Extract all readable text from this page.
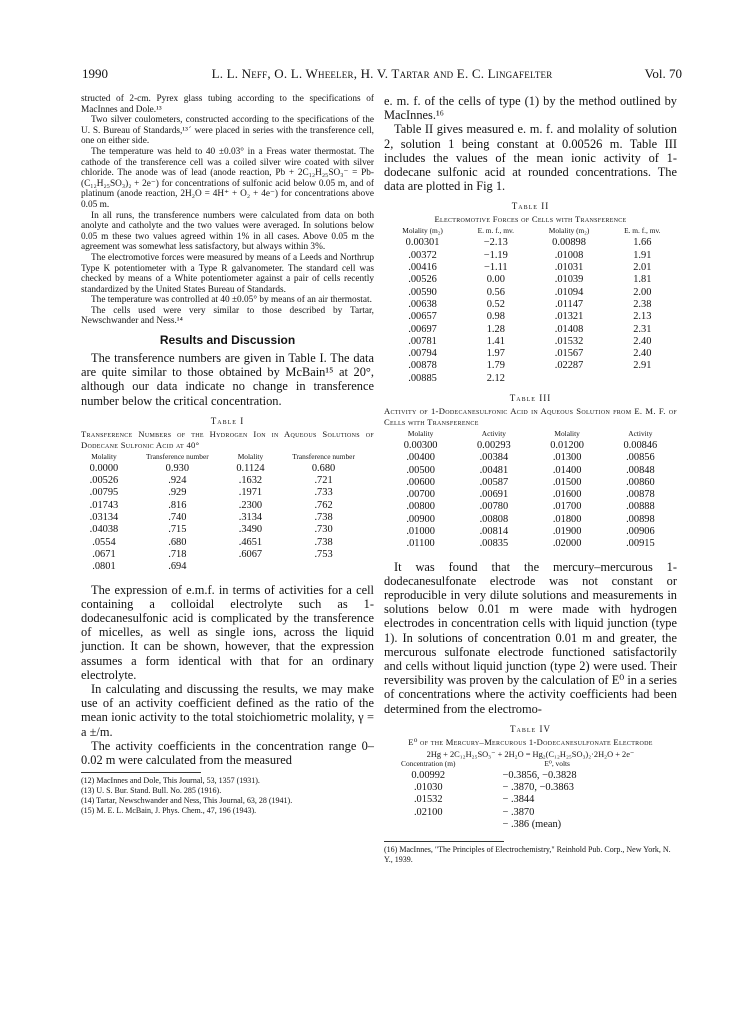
1990	L. L. Neff, O. L. Wheeler, H. V. Tartar and E. C. Lingafelter	Vol. 70

structed of 2-cm. Pyrex glass tubing according to the specifications of MacInnes and Dole.¹³

Two silver coulometers, constructed according to the specifications of the U. S. Bureau of Standards,¹³ˊ were placed in series with the transference cell, one on either side.

The temperature was held to 40 ±0.03° in a Freas water thermostat. The cathode of the transference cell was a coiled silver wire coated with silver chloride. The anode was of lead (anode reaction, Pb + 2C₁₂H₂₅SO₃⁻ = Pb-(C₁₂H₂₅SO₃)₂ + 2e⁻) for concentrations of sulfonic acid below 0.05 m, and of platinum (anode reaction, 2H₂O = 4H⁺ + O₂ + 4e⁻) for concentrations above 0.05 m.

In all runs, the transference numbers were calculated from data on both anolyte and catholyte and the two values were averaged. In solutions below 0.05 m these two values agreed within 1% in all cases. Above 0.05 m the agreement was somewhat less satisfactory, but always within 3%.

The electromotive forces were measured by means of a Leeds and Northrup Type K potentiometer with a Type R galvanometer. The standard cell was checked by means of a White potentiometer against a pair of cells recently standardized by the United States Bureau of Standards.

The temperature was controlled at 40 ±0.05° by means of an air thermostat.

The cells used were very similar to those described by Tartar, Newschwander and Ness.¹⁴

Results and Discussion

The transference numbers are given in Table I. The data are quite similar to those obtained by McBain¹⁵ at 20°, although our data indicate no change in transference number below the critical concentration.

Table I
Transference Numbers of the Hydrogen Ion in Aqueous Solutions of Dodecane Sulfonic Acid at 40°
Molality	Transference number	Molality	Transference number
0.0000	0.930	0.1124	0.680
.00526	.924	.1632	.721
.00795	.929	.1971	.733
.01743	.816	.2300	.762
.03134	.740	.3134	.738
.04038	.715	.3490	.730
.0554	.680	.4651	.738
.0671	.718	.6067	.753
.0801	.694		

The expression of e.m.f. in terms of activities for a cell containing a colloidal electrolyte such as 1-dodecanesulfonic acid is complicated by the transference of micelles, as well as single ions, across the liquid junction. It can be shown, however, that the expression assumes a form identical with that for an ordinary electrolyte.

In calculating and discussing the results, we may make use of an activity coefficient defined as the ratio of the mean ionic activity to the total stoichiometric molality, γ = a ±/m.

The activity coefficients in the concentration range 0–0.02 m were calculated from the measured

(12) MacInnes and Dole, This Journal, 53, 1357 (1931).

(13) U. S. Bur. Stand. Bull. No. 285 (1916).

(14) Tartar, Newschwander and Ness, This Journal, 63, 28 (1941).

(15) M. E. L. McBain, J. Phys. Chem., 47, 196 (1943).

e. m. f. of the cells of type (1) by the method outlined by MacInnes.¹⁶

Table II gives measured e. m. f. and molality of solution 2, solution 1 being constant at 0.00526 m. Table III includes the values of the mean ionic activity of 1-dodecane sulfonic acid at rounded concentrations. The data are plotted in Fig 1.

Table II
Electromotive Forces of Cells with Transference
Molality (m₂)	E. m. f., mv.	Molality (m₂)	E. m. f., mv.
0.00301	−2.13	0.00898	1.66
.00372	−1.19	.01008	1.91
.00416	−1.11	.01031	2.01
.00526	0.00	.01039	1.81
.00590	0.56	.01094	2.00
.00638	0.52	.01147	2.38
.00657	0.98	.01321	2.13
.00697	1.28	.01408	2.31
.00781	1.41	.01532	2.40
.00794	1.97	.01567	2.40
.00878	1.79	.02287	2.91
.00885	2.12		
Table III
Activity of 1-Dodecanesulfonic Acid in Aqueous Solution from E. M. F. of Cells with Transference
Molality	Activity	Molality	Activity
0.00300	0.00293	0.01200	0.00846
.00400	.00384	.01300	.00856
.00500	.00481	.01400	.00848
.00600	.00587	.01500	.00860
.00700	.00691	.01600	.00878
.00800	.00780	.01700	.00888
.00900	.00808	.01800	.00898
.01000	.00814	.01900	.00906
.01100	.00835	.02000	.00915

It was found that the mercury–mercurous 1-dodecanesulfonate electrode was not constant or reproducible in very dilute solutions and measurements in solutions below 0.01 m were made with hydrogen electrodes in concentration cells with liquid junction (type 1). In solutions of concentration 0.01 m and greater, the mercurous sulfonate electrode functioned satisfactorily and cells without liquid junction (type 2) were used. Their reversibility was proven by the calculation of E⁰ in a series of concentrations where the activity coefficients had been determined from the electromo-

Table IV
E⁰ of the Mercury–Mercurous 1-Dodecanesulfonate Electrode
2Hg + 2C₁₂H₂₅SO₃⁻ + 2H₂O = Hg₂(C₁₂H₂₅SO₃)₂·2H₂O + 2e⁻
Concentration (m)	E⁰, volts
0.00992	−0.3856, −0.3828
.01030	− .3870, −0.3863
.01532	− .3844
.02100	− .3870
	− .386 (mean)

(16) MacInnes, "The Principles of Electrochemistry," Reinhold Pub. Corp., New York, N. Y., 1939.
